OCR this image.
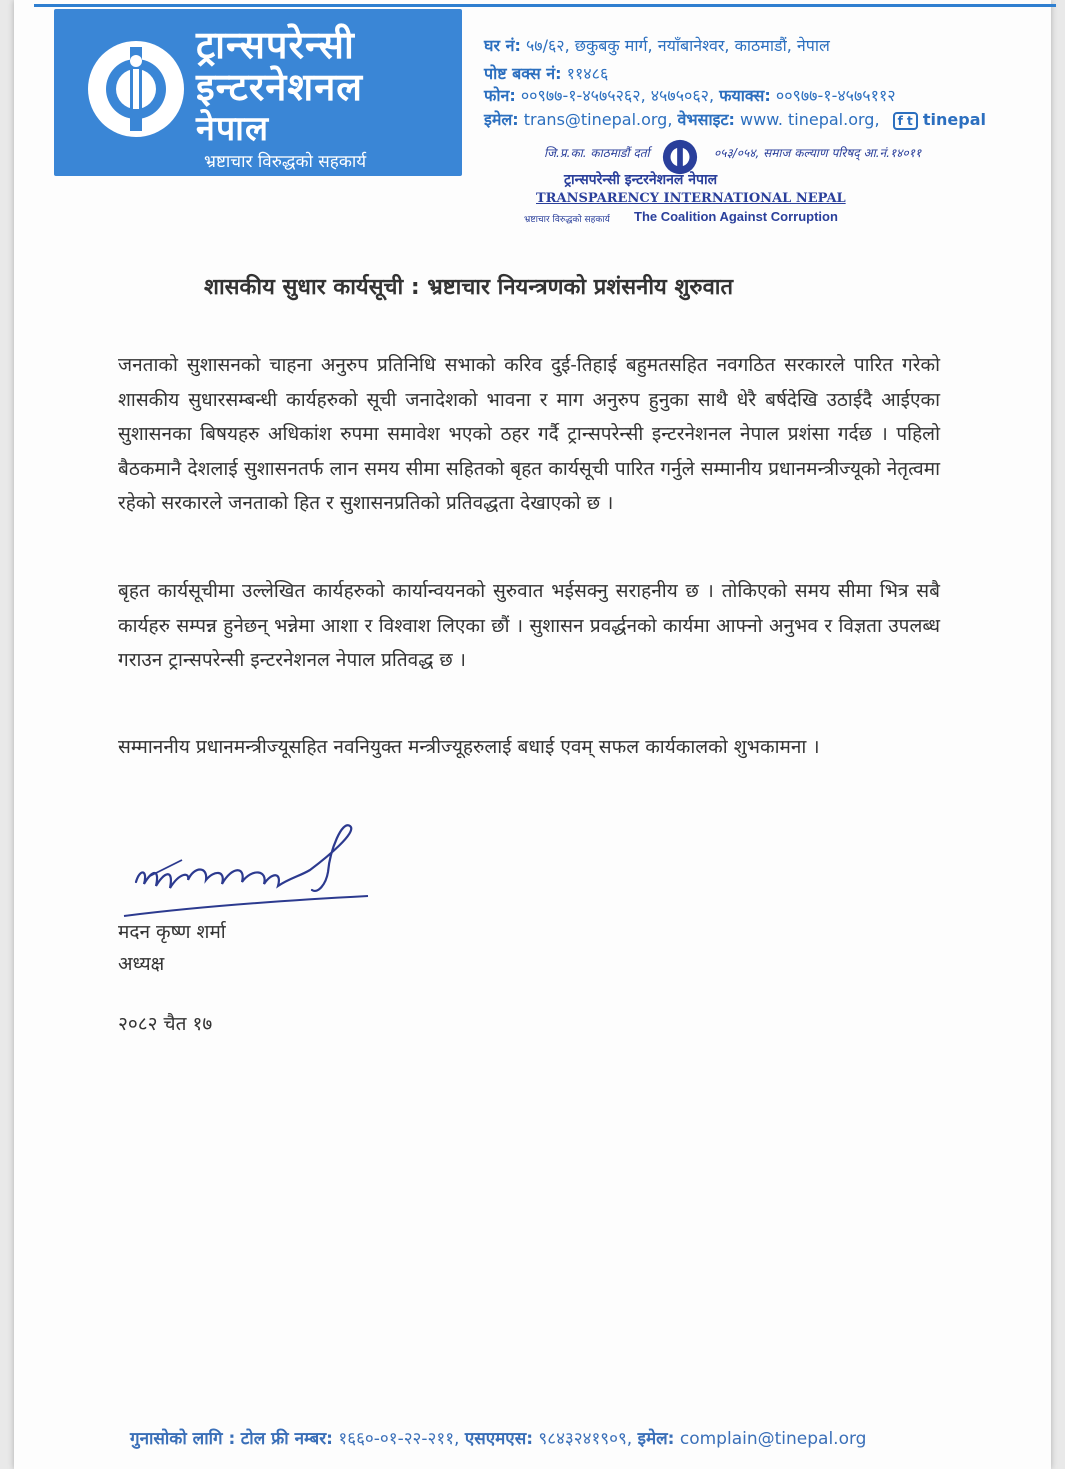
ट्रान्सपरेन्सी
इन्टरनेशनल
नेपाल
भ्रष्टाचार विरुद्धको सहकार्य
घर नं: ५७/६२, छकुबकु मार्ग, नयाँबानेश्वर, काठमाडौं, नेपाल
पोष्ट बक्स नं: ११४८६
फोन: ००९७७-१-४५७५२६२, ४५७५०६२, फयाक्स: ००९७७-१-४५७५११२
इमेल: trans@tinepal.org, वेभसाइट: www. tinepal.org, f t tinepal
जि.प्र.का. काठमाडौं दर्ता	०५३/०५४, समाज कल्याण परिषद् आ.नं.१४०११
ट्रान्सपरेन्सी इन्टरनेशनल नेपाल
TRANSPARENCY INTERNATIONAL NEPAL
भ्रष्टाचार विरुद्धको सहकार्य The Coalition Against Corruption
शासकीय सुधार कार्यसूची : भ्रष्टाचार नियन्त्रणको प्रशंसनीय शुरुवात
जनताको सुशासनको चाहना अनुरुप प्रतिनिधि सभाको करिव दुई-तिहाई बहुमतसहित नवगठित सरकारले पारित गरेको शासकीय सुधारसम्बन्धी कार्यहरुको सूची जनादेशको भावना र माग अनुरुप हुनुका साथै धेरै बर्षदेखि उठाईदै आईएका सुशासनका बिषयहरु अधिकांश रुपमा समावेश भएको ठहर गर्दै ट्रान्सपरेन्सी इन्टरनेशनल नेपाल प्रशंसा गर्दछ । पहिलो बैठकमानै देशलाई सुशासनतर्फ लान समय सीमा सहितको बृहत कार्यसूची पारित गर्नुले सम्मानीय प्रधानमन्त्रीज्यूको नेतृत्वमा रहेको सरकारले जनताको हित र सुशासनप्रतिको प्रतिवद्धता देखाएको छ ।
बृहत कार्यसूचीमा उल्लेखित कार्यहरुको कार्यान्वयनको सुरुवात भईसक्नु सराहनीय छ । तोकिएको समय सीमा भित्र सबै कार्यहरु सम्पन्न हुनेछन् भन्नेमा आशा र विश्वाश लिएका छौं । सुशासन प्रवर्द्धनको कार्यमा आफ्नो अनुभव र विज्ञता उपलब्ध गराउन ट्रान्सपरेन्सी इन्टरनेशनल नेपाल प्रतिवद्ध छ ।
सम्माननीय प्रधानमन्त्रीज्यूसहित नवनियुक्त मन्त्रीज्यूहरुलाई बधाई एवम् सफल कार्यकालको शुभकामना ।
मदन कृष्ण शर्मा
अध्यक्ष
२०८२ चैत १७
गुनासोको लागि : टोल फ्री नम्बर: १६६०-०१-२२-२११, एसएमएस: ९८४३२४१९०९, इमेल: complain@tinepal.org
